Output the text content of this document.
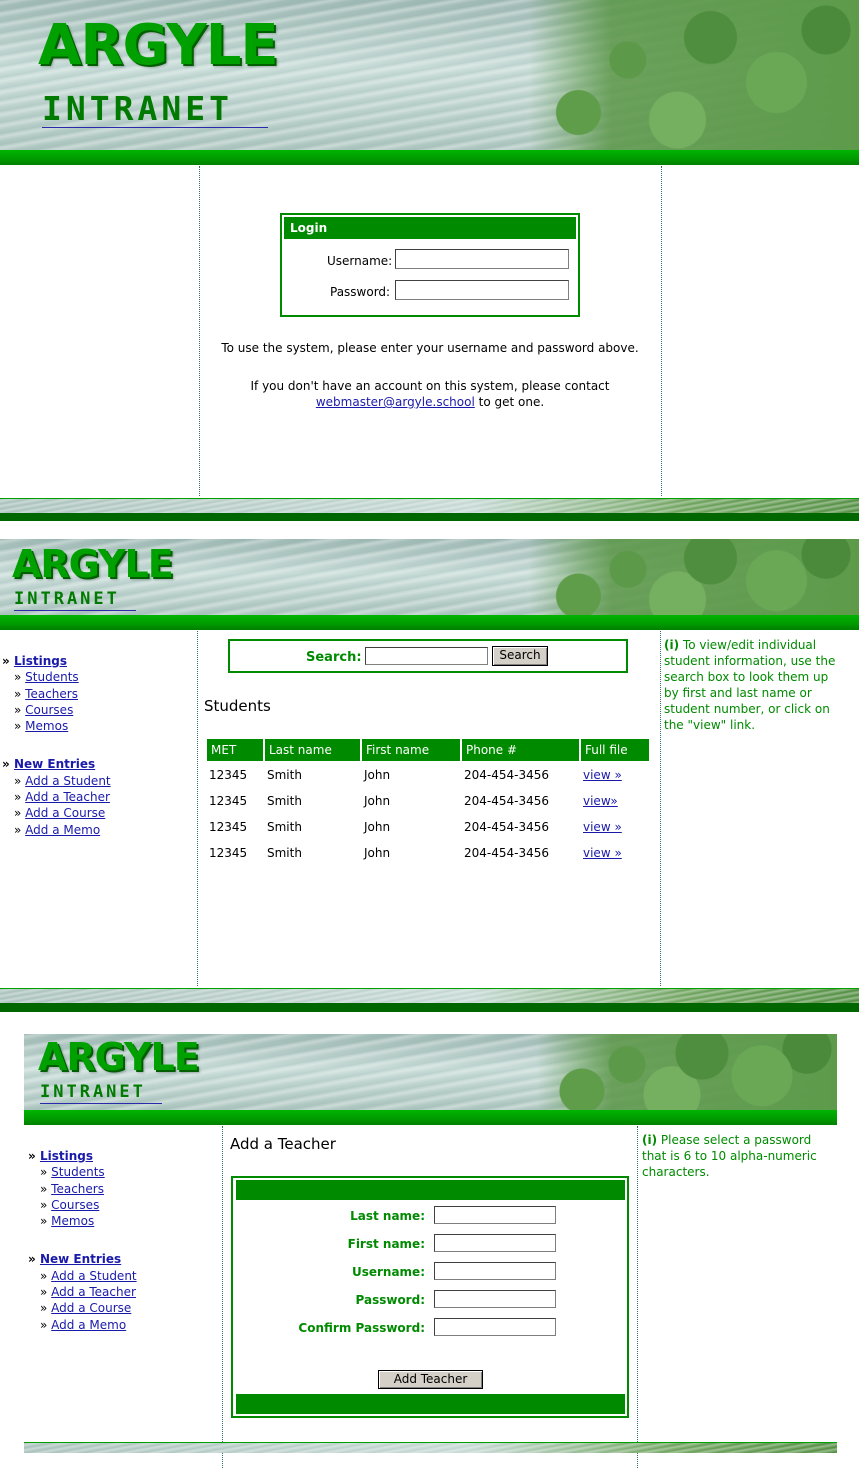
ARGYLE
INTRANET
Login
Username:
Password:
To use the system, please enter your username and password above.
If you don't have an account on this system, please contact
webmaster@argyle.school to get one.
ARGYLE
INTRANET
» Listings
» Students
» Teachers
» Courses
» Memos
» New Entries
» Add a Student
» Add a Teacher
» Add a Course
» Add a Memo
Search:	Search
Students
MET	Last name	First name	Phone #	Full file
12345	Smith	John	204-454-3456	view »
12345	Smith	John	204-454-3456	view»
12345	Smith	John	204-454-3456	view »
12345	Smith	John	204-454-3456	view »
(i) To view/edit individual student information, use the search box to look them up by first and last name or student number, or click on the "view" link.
ARGYLE
INTRANET
» Listings
» Students
» Teachers
» Courses
» Memos
» New Entries
» Add a Student
» Add a Teacher
» Add a Course
» Add a Memo
Add a Teacher
Last name:
First name:
Username:
Password:
Confirm Password:
Add Teacher
(i) Please select a password that is 6 to 10 alpha-numeric characters.
